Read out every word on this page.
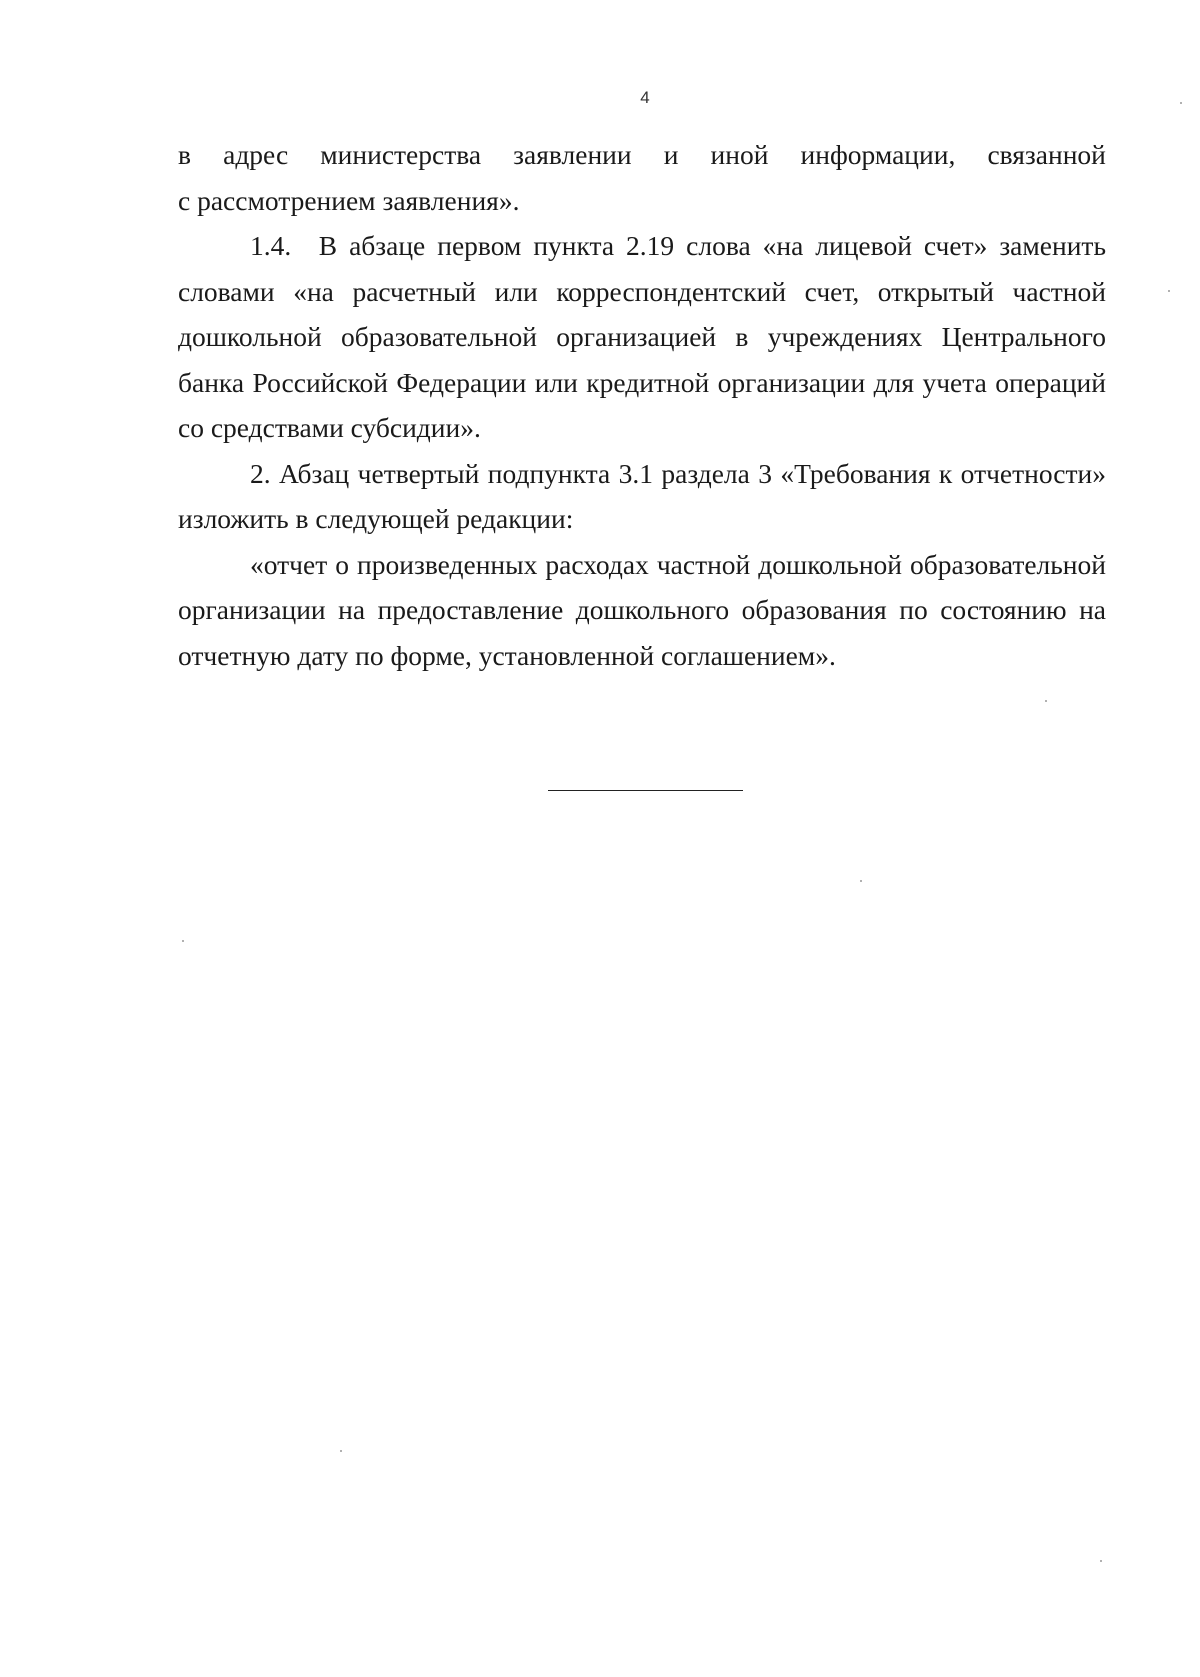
4
в адрес министерства заявлении и иной информации, связанной

с рассмотрением заявления».

1.4. В абзаце первом пункта 2.19 слова «на лицевой счет» заменить словами «на расчетный или корреспондентский счет, открытый частной дошкольной образовательной организацией в учреждениях Центрального банка Российской Федерации или кредитной организации для учета операций со средствами субсидии».

2. Абзац четвертый подпункта 3.1 раздела 3 «Требования к отчетности» изложить в следующей редакции:

«отчет о произведенных расходах частной дошкольной образовательной организации на предоставление дошкольного образования по состоянию на отчетную дату по форме, установленной соглашением».
